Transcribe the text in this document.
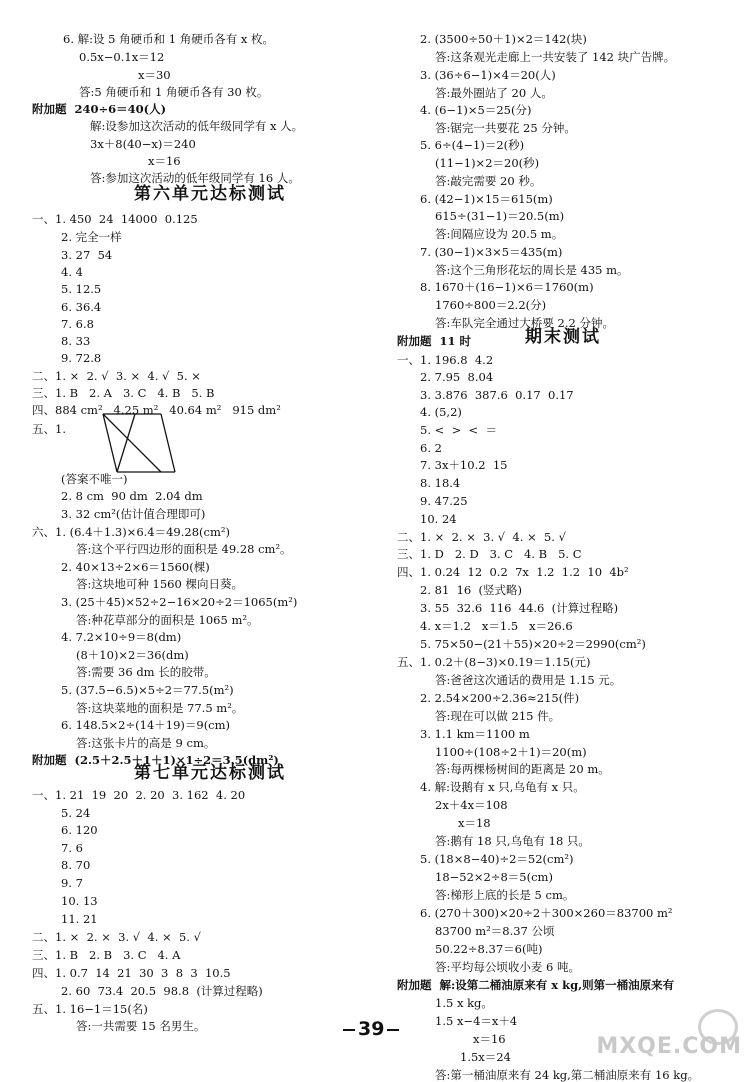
6. 解:设 5 角硬币和 1 角硬币各有 x 枚。
0.5x−0.1x＝12
x＝30
答:5 角硬币和 1 角硬币各有 30 枚。
附加题  240÷6＝40(人)
解:设参加这次活动的低年级同学有 x 人。
3x＋8(40−x)＝240
x＝16
答:参加这次活动的低年级同学有 16 人。
第六单元达标测试
一、1. 450  24  14000  0.125
2. 完全一样
3. 27  54
4. 4
5. 12.5
6. 36.4
7. 6.8
8. 33
9. 72.8
二、1. ×  2. √  3. ×  4. √  5. ×
三、1. B   2. A   3. C   4. B   5. B
四、884 cm²   4.25 m²   40.64 m²   915 dm²
五、1.
(答案不唯一)
2. 8 cm  90 dm  2.04 dm
3. 32 cm²(估计值合理即可)
六、1. (6.4＋1.3)×6.4＝49.28(cm²)
答:这个平行四边形的面积是 49.28 cm²。
2. 40×13÷2×6＝1560(棵)
答:这块地可种 1560 棵向日葵。
3. (25＋45)×52÷2−16×20÷2＝1065(m²)
答:种花草部分的面积是 1065 m²。
4. 7.2×10÷9＝8(dm)
(8＋10)×2＝36(dm)
答:需要 36 dm 长的胶带。
5. (37.5−6.5)×5÷2＝77.5(m²)
答:这块菜地的面积是 77.5 m²。
6. 148.5×2÷(14＋19)＝9(cm)
答:这张卡片的高是 9 cm。
附加题  (2.5＋2.5＋1＋1)×1÷2＝3.5(dm²)
第七单元达标测试
一、1. 21  19  20  2. 20  3. 162  4. 20
5. 24
6. 120
7. 6
8. 70
9. 7
10. 13
11. 21
二、1. ×  2. ×  3. √  4. ×  5. √
三、1. B   2. B   3. C   4. A
四、1. 0.7  14  21  30  3  8  3  10.5
2. 60  73.4  20.5  98.8  (计算过程略)
五、1. 16−1＝15(名)
答:一共需要 15 名男生。
2. (3500÷50＋1)×2＝142(块)
答:这条观光走廊上一共安装了 142 块广告牌。
3. (36÷6−1)×4＝20(人)
答:最外圈站了 20 人。
4. (6−1)×5＝25(分)
答:锯完一共要花 25 分钟。
5. 6÷(4−1)＝2(秒)
(11−1)×2＝20(秒)
答:敲完需要 20 秒。
6. (42−1)×15＝615(m)
615÷(31−1)＝20.5(m)
答:间隔应设为 20.5 m。
7. (30−1)×3×5＝435(m)
答:这个三角形花坛的周长是 435 m。
8. 1670＋(16−1)×6＝1760(m)
1760÷800＝2.2(分)
答:车队完全通过大桥要 2.2 分钟。
附加题  11 时	期末测试
一、1. 196.8  4.2
2. 7.95  8.04
3. 3.876  387.6  0.17  0.17
4. (5,2)
5. <  >  <  ＝
6. 2
7. 3x＋10.2  15
8. 18.4
9. 47.25
10. 24
二、1. ×  2. ×  3. √  4. ×  5. √
三、1. D   2. D   3. C   4. B   5. C
四、1. 0.24  12  0.2  7x  1.2  1.2  10  4b²
2. 81  16  (竖式略)
3. 55  32.6  116  44.6  (计算过程略)
4. x＝1.2   x＝1.5   x＝26.6
5. 75×50−(21＋55)×20÷2＝2990(cm²)
五、1. 0.2＋(8−3)×0.19＝1.15(元)
答:爸爸这次通话的费用是 1.15 元。
2. 2.54×200÷2.36≈215(件)
答:现在可以做 215 件。
3. 1.1 km＝1100 m
1100÷(108÷2＋1)＝20(m)
答:每两棵杨树间的距离是 20 m。
4. 解:设鹅有 x 只,乌龟有 x 只。
2x＋4x＝108
x＝18
答:鹅有 18 只,乌龟有 18 只。
5. (18×8−40)÷2＝52(cm²)
18−52×2÷8＝5(cm)
答:梯形上底的长是 5 cm。
6. (270＋300)×20÷2＋300×260＝83700 m²
83700 m²＝8.37 公顷
50.22÷8.37＝6(吨)
答:平均每公顷收小麦 6 吨。
附加题  解:设第二桶油原来有 x kg,则第一桶油原来有
1.5 x kg。
1.5 x−4＝x＋4
x＝16
1.5x＝24
答:第一桶油原来有 24 kg,第二桶油原来有 16 kg。
39
MXQE.COM
